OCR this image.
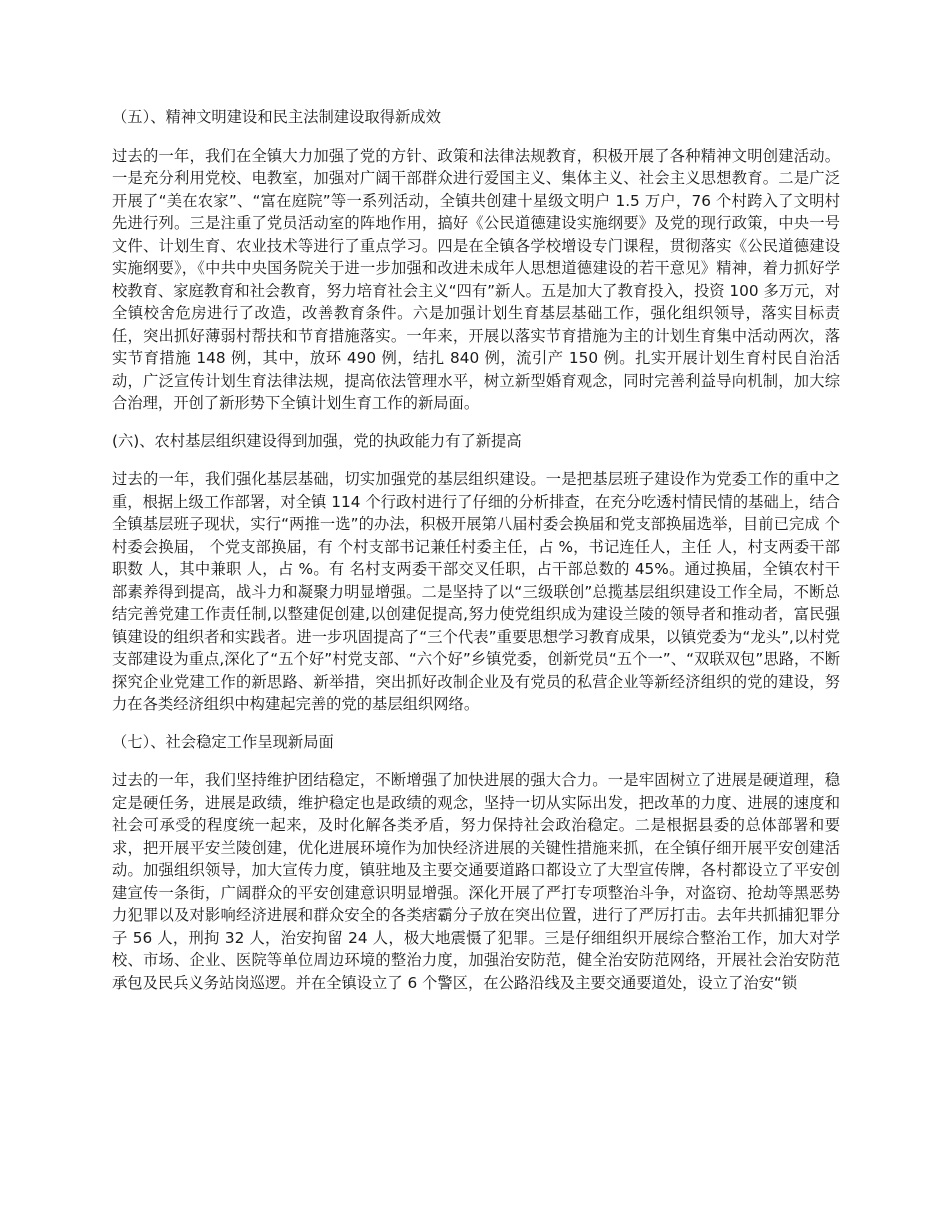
（五）、精神文明建设和民主法制建设取得新成效
过去的一年，我们在全镇大力加强了党的方针、政策和法律法规教育，积极开展了各种精神文明创建活动。一是充分利用党校、电教室，加强对广阔干部群众进行爱国主义、集体主义、社会主义思想教育。二是广泛开展了“美在农家”、“富在庭院”等一系列活动，全镇共创建十星级文明户 1.5 万户，76 个村跨入了文明村先进行列。三是注重了党员活动室的阵地作用，搞好《公民道德建设实施纲要》及党的现行政策，中央一号文件、计划生育、农业技术等进行了重点学习。四是在全镇各学校增设专门课程，贯彻落实《公民道德建设实施纲要》，《中共中央国务院关于进一步加强和改进未成年人思想道德建设的若干意见》精神，着力抓好学校教育、家庭教育和社会教育，努力培育社会主义“四有”新人。五是加大了教育投入，投资 100 多万元，对全镇校舍危房进行了改造，改善教育条件。六是加强计划生育基层基础工作，强化组织领导，落实目标责任，突出抓好薄弱村帮扶和节育措施落实。一年来，开展以落实节育措施为主的计划生育集中活动两次，落实节育措施 148 例，其中，放环 490 例，结扎 840 例，流引产 150 例。扎实开展计划生育村民自治活动，广泛宣传计划生育法律法规，提高依法管理水平，树立新型婚育观念，同时完善利益导向机制，加大综合治理，开创了新形势下全镇计划生育工作的新局面。
(六)、农村基层组织建设得到加强，党的执政能力有了新提高
过去的一年，我们强化基层基础，切实加强党的基层组织建设。一是把基层班子建设作为党委工作的重中之重，根据上级工作部署，对全镇 114 个行政村进行了仔细的分析排查，在充分吃透村情民情的基础上，结合全镇基层班子现状，实行“两推一选”的办法，积极开展第八届村委会换届和党支部换届选举，目前已完成 个村委会换届， 个党支部换届，有 个村支部书记兼任村委主任，占 %，书记连任人，主任 人，村支两委干部职数 人，其中兼职 人，占 %。有 名村支两委干部交叉任职，占干部总数的 45%。通过换届，全镇农村干部素养得到提高，战斗力和凝聚力明显增强。二是坚持了以“三级联创”总揽基层组织建设工作全局，不断总结完善党建工作责任制,以整建促创建,以创建促提高,努力使党组织成为建设兰陵的领导者和推动者，富民强镇建设的组织者和实践者。进一步巩固提高了“三个代表”重要思想学习教育成果，以镇党委为“龙头”,以村党支部建设为重点,深化了“五个好”村党支部、“六个好”乡镇党委，创新党员“五个一”、“双联双包”思路，不断探究企业党建工作的新思路、新举措，突出抓好改制企业及有党员的私营企业等新经济组织的党的建设，努力在各类经济组织中构建起完善的党的基层组织网络。
（七）、社会稳定工作呈现新局面
过去的一年，我们坚持维护团结稳定，不断增强了加快进展的强大合力。一是牢固树立了进展是硬道理，稳定是硬任务，进展是政绩，维护稳定也是政绩的观念，坚持一切从实际出发，把改革的力度、进展的速度和社会可承受的程度统一起来，及时化解各类矛盾，努力保持社会政治稳定。二是根据县委的总体部署和要求，把开展平安兰陵创建，优化进展环境作为加快经济进展的关键性措施来抓，在全镇仔细开展平安创建活动。加强组织领导，加大宣传力度，镇驻地及主要交通要道路口都设立了大型宣传牌，各村都设立了平安创建宣传一条街，广阔群众的平安创建意识明显增强。深化开展了严打专项整治斗争，对盗窃、抢劫等黑恶势力犯罪以及对影响经济进展和群众安全的各类痞霸分子放在突出位置，进行了严厉打击。去年共抓捕犯罪分子 56 人，刑拘 32 人，治安拘留 24 人，极大地震慑了犯罪。三是仔细组织开展综合整治工作，加大对学校、市场、企业、医院等单位周边环境的整治力度，加强治安防范，健全治安防范网络，开展社会治安防范承包及民兵义务站岗巡逻。并在全镇设立了 6 个警区，在公路沿线及主要交通要道处，设立了治安“锁
